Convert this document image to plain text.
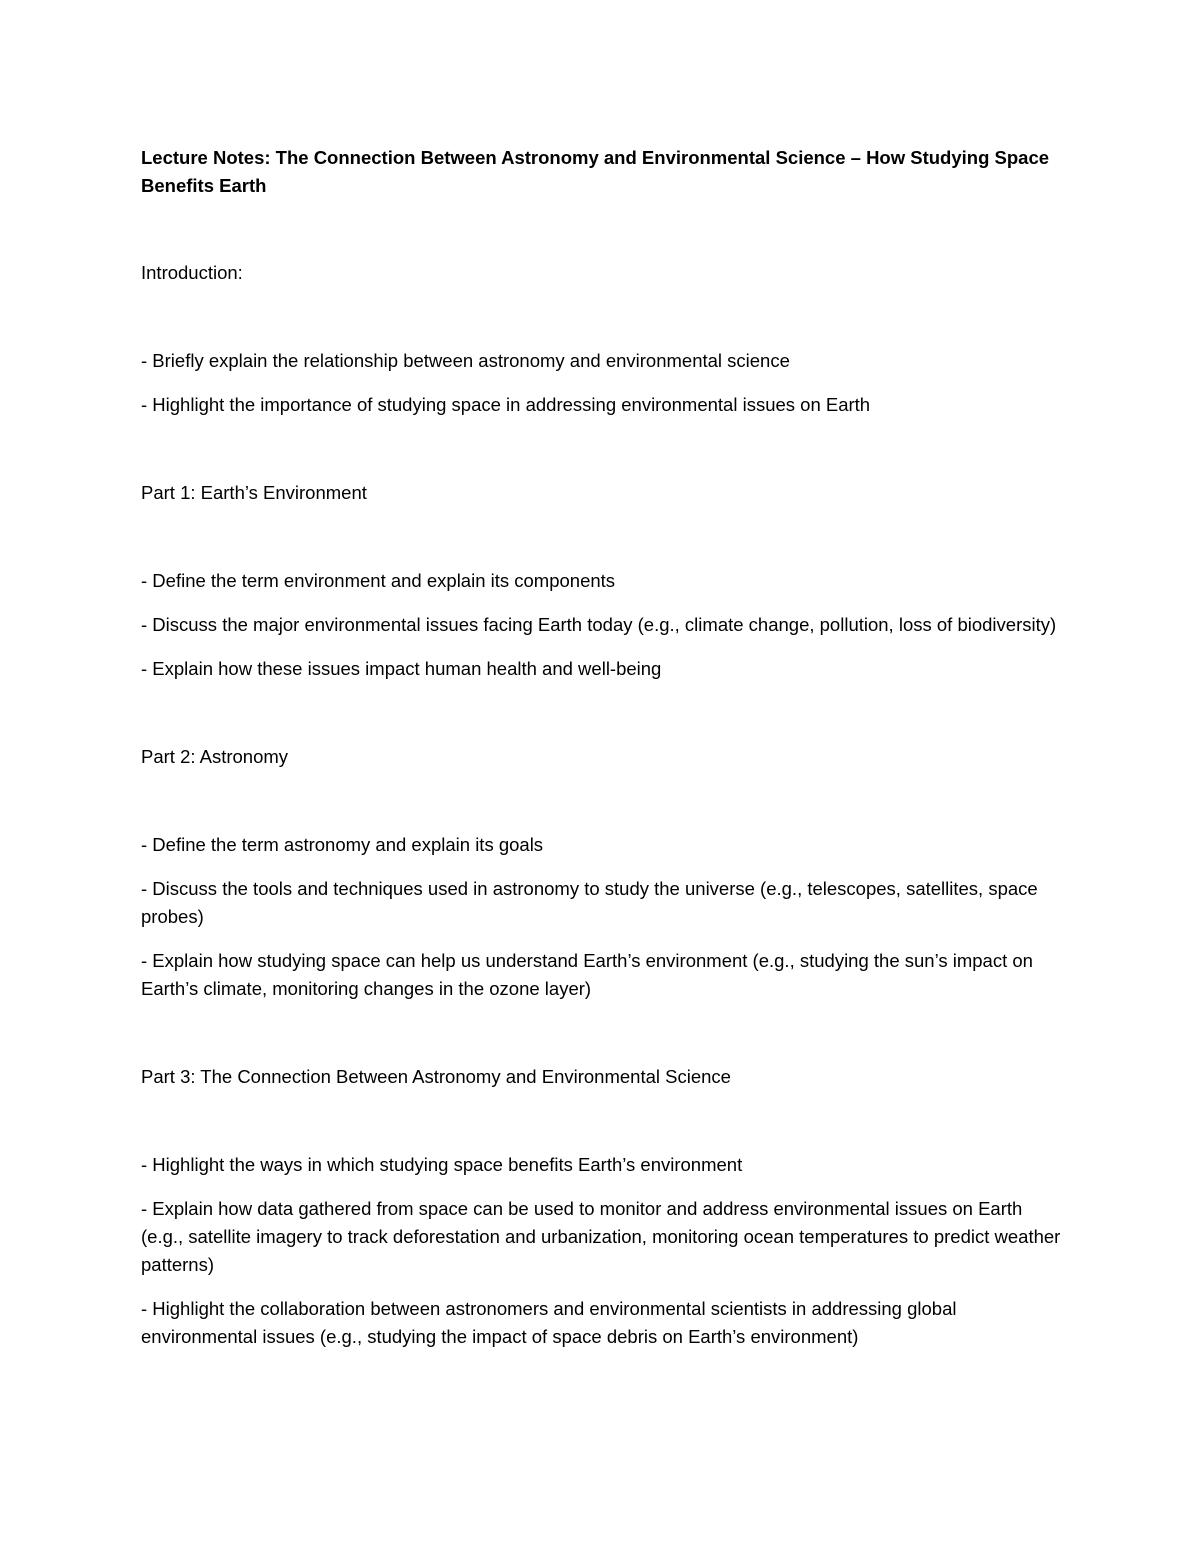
Lecture Notes: The Connection Between Astronomy and Environmental Science – How Studying Space Benefits Earth

Introduction:

- Briefly explain the relationship between astronomy and environmental science
- Highlight the importance of studying space in addressing environmental issues on Earth

Part 1: Earth’s Environment

- Define the term environment and explain its components
- Discuss the major environmental issues facing Earth today (e.g., climate change, pollution, loss of biodiversity)
- Explain how these issues impact human health and well-being

Part 2: Astronomy

- Define the term astronomy and explain its goals
- Discuss the tools and techniques used in astronomy to study the universe (e.g., telescopes, satellites, space probes)
- Explain how studying space can help us understand Earth’s environment (e.g., studying the sun’s impact on Earth’s climate, monitoring changes in the ozone layer)

Part 3: The Connection Between Astronomy and Environmental Science

- Highlight the ways in which studying space benefits Earth’s environment
- Explain how data gathered from space can be used to monitor and address environmental issues on Earth (e.g., satellite imagery to track deforestation and urbanization, monitoring ocean temperatures to predict weather patterns)
- Highlight the collaboration between astronomers and environmental scientists in addressing global environmental issues (e.g., studying the impact of space debris on Earth’s environment)
